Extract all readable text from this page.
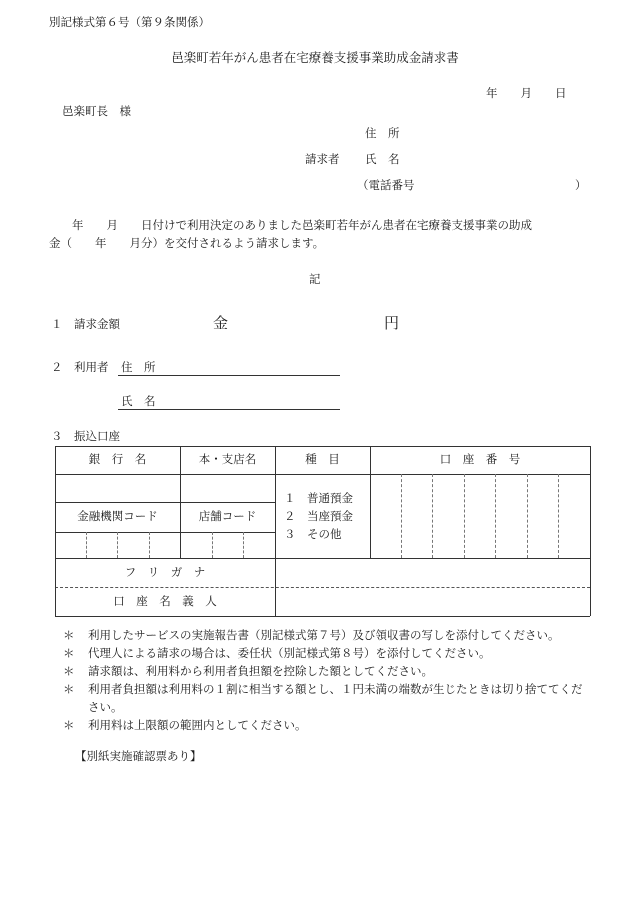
別記様式第６号（第９条関係）
邑楽町若年がん患者在宅療養支援事業助成金請求書
年　　月　　日
邑楽町長　様
住　所
請求者 氏　名
（電話番号	）
　　年　　月　　日付けで利用決定のありました邑楽町若年がん患者在宅療養支援事業の助成
金（　　年　　月分）を交付されるよう請求します。
記
１　請求金額	金	円
２　利用者 住　所
氏　名
３　振込口座
銀　行　名	本・支店名	種　目	口　座　番　号
金融機関コード	店舗コード
１　普通預金
２　当座預金
３　その他
フ　リ　ガ　ナ
口　座　名　義　人
＊ 利用したサービスの実施報告書（別記様式第７号）及び領収書の写しを添付してください。
＊ 代理人による請求の場合は、委任状（別記様式第８号）を添付してください。
＊ 請求額は、利用料から利用者負担額を控除した額としてください。
＊ 利用者負担額は利用料の１割に相当する額とし、１円未満の端数が生じたときは切り捨ててください。
＊ 利用料は上限額の範囲内としてください。
【別紙実施確認票あり】
